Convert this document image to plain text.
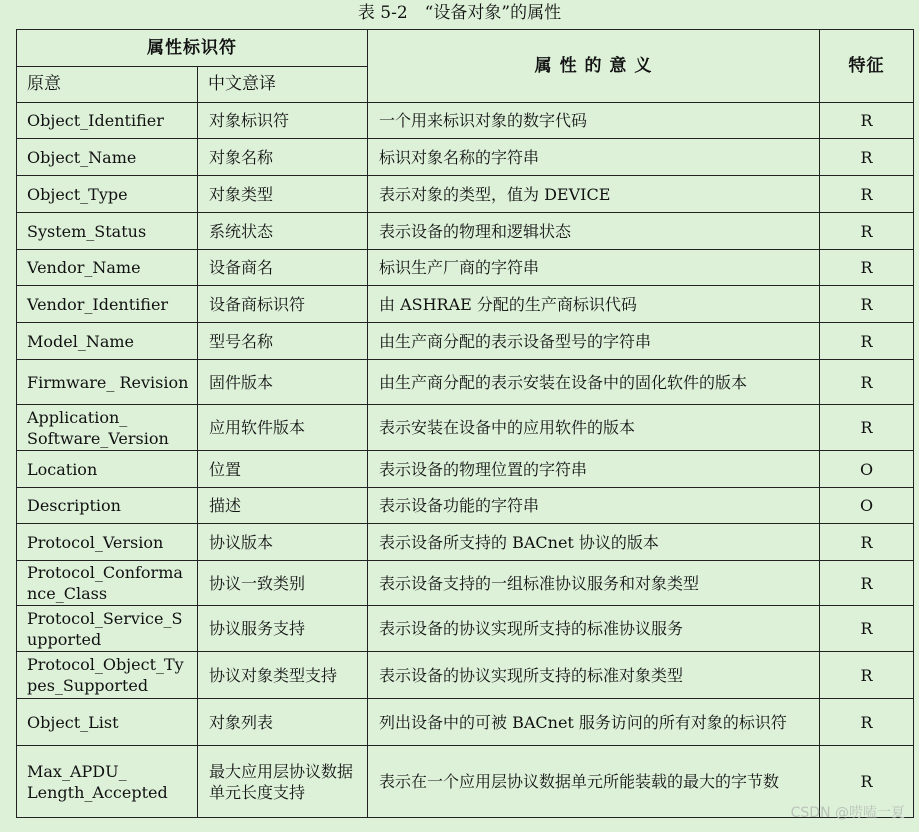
表 5-2　“设备对象”的属性
属性标识符		属 性 的 意 义	特征
原意	中文意译		
Object_Identifier	对象标识符	一个用来标识对象的数字代码	R
Object_Name	对象名称	标识对象名称的字符串	R
Object_Type	对象类型	表示对象的类型，值为 DEVICE	R
System_Status	系统状态	表示设备的物理和逻辑状态	R
Vendor_Name	设备商名	标识生产厂商的字符串	R
Vendor_Identifier	设备商标识符	由 ASHRAE 分配的生产商标识代码	R
Model_Name	型号名称	由生产商分配的表示设备型号的字符串	R
Firmware_ Revision	固件版本	由生产商分配的表示安装在设备中的固化软件的版本	R
Application_ Software_Version	应用软件版本	表示安装在设备中的应用软件的版本	R
Location	位置	表示设备的物理位置的字符串	O
Description	描述	表示设备功能的字符串	O
Protocol_Version	协议版本	表示设备所支持的 BACnet 协议的版本	R
Protocol_Conforma nce_Class	协议一致类别	表示设备支持的一组标准协议服务和对象类型	R
Protocol_Service_S upported	协议服务支持	表示设备的协议实现所支持的标准协议服务	R
Protocol_Object_Ty pes_Supported	协议对象类型支持	表示设备的协议实现所支持的标准对象类型	R
Object_List	对象列表	列出设备中的可被 BACnet 服务访问的所有对象的标识符	R
Max_APDU_ Length_Accepted	最大应用层协议数据单元长度支持	表示在一个应用层协议数据单元所能装载的最大的字节数	R
CSDN @唠嗑一夏
